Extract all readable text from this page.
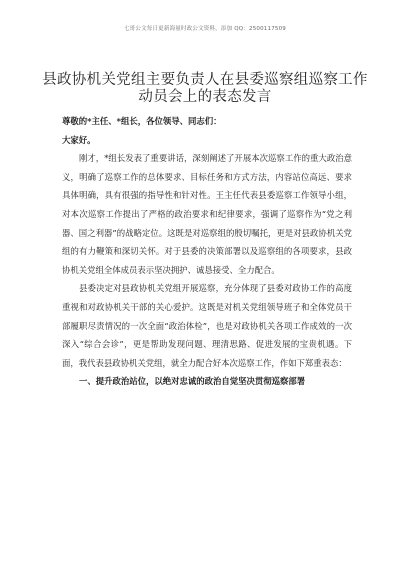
七哥公文每日更新海量时政公文资料，添加 QQ：2500117509
县政协机关党组主要负责人在县委巡察组巡察工作动员会上的表态发言

尊敬的*主任、*组长，各位领导、同志们：

大家好。

刚才，*组长发表了重要讲话，深刻阐述了开展本次巡察工作的重大政治意义，明确了巡察工作的总体要求、目标任务和方式方法，内容站位高远、要求具体明确，具有很强的指导性和针对性。王主任代表县委巡察工作领导小组，对本次巡察工作提出了严格的政治要求和纪律要求，强调了巡察作为“党之利器、国之利器”的战略定位。这既是对巡察组的殷切嘱托，更是对县政协机关党组的有力鞭策和深切关怀。对于县委的决策部署以及巡察组的各项要求，县政协机关党组全体成员表示坚决拥护、诚恳接受、全力配合。

县委决定对县政协机关党组开展巡察，充分体现了县委对政协工作的高度重视和对政协机关干部的关心爱护。这既是对机关党组领导班子和全体党员干部履职尽责情况的一次全面“政治体检”，也是对政协机关各项工作成效的一次深入“综合会诊”，更是帮助发现问题、理清思路、促进发展的宝贵机遇。下面，我代表县政协机关党组，就全力配合好本次巡察工作，作如下郑重表态：

一、提升政治站位，以绝对忠诚的政治自觉坚决贯彻巡察部署
